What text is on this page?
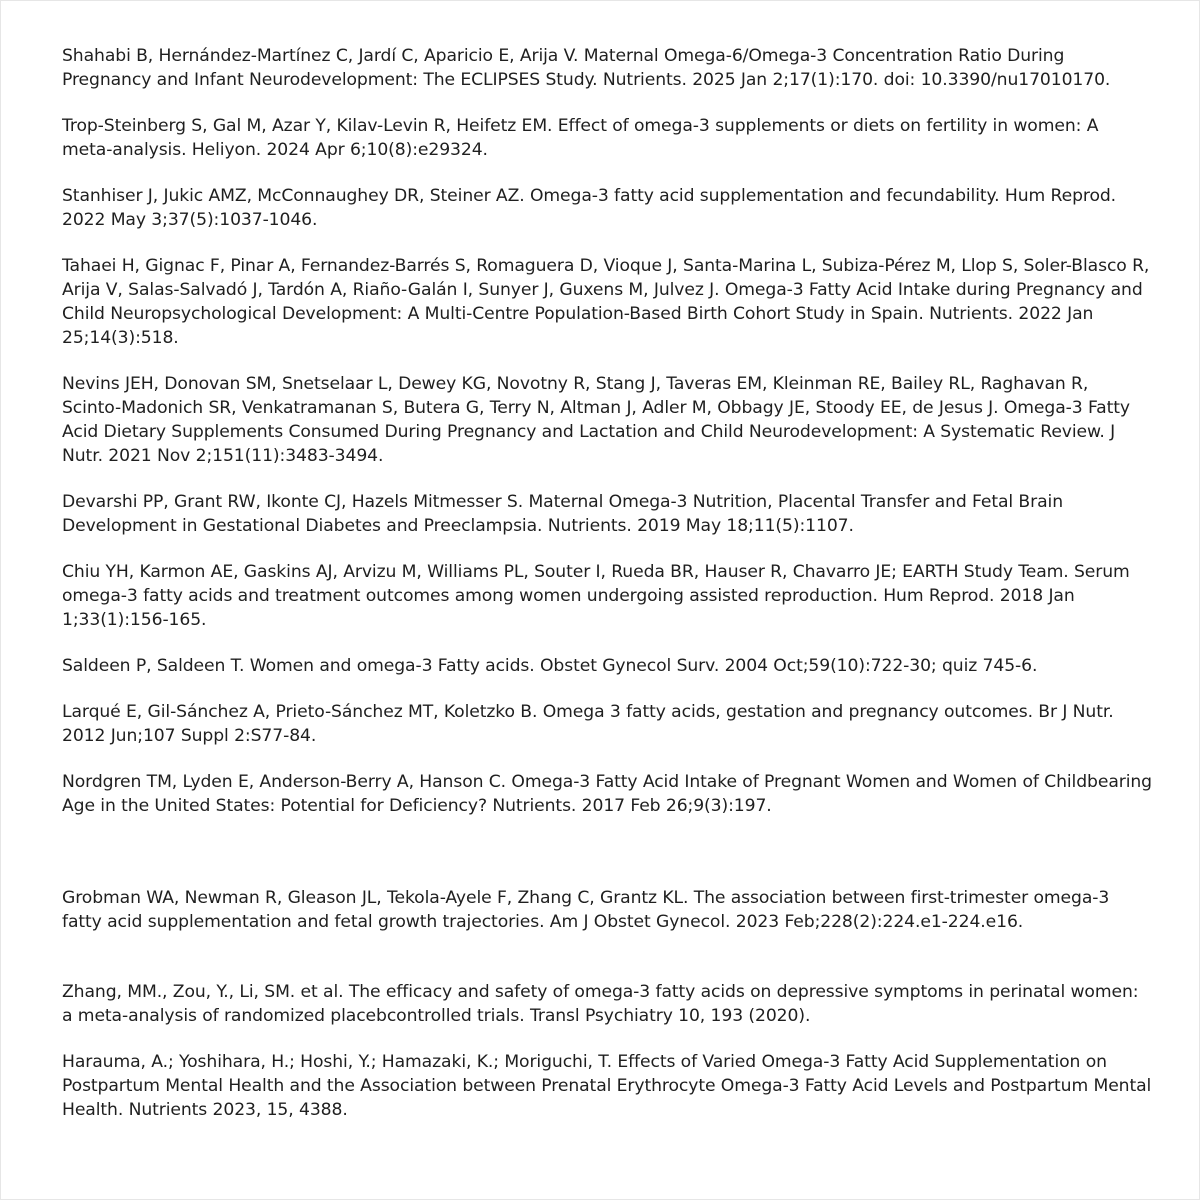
Shahabi B, Hernández-Martínez C, Jardí C, Aparicio E, Arija V. Maternal Omega-6/Omega-3 Concentration Ratio During Pregnancy and Infant Neurodevelopment: The ECLIPSES Study. Nutrients. 2025 Jan 2;17(1):170. doi: 10.3390/nu17010170.

Trop-Steinberg S, Gal M, Azar Y, Kilav-Levin R, Heifetz EM. Effect of omega-3 supplements or diets on fertility in women: A meta-analysis. Heliyon. 2024 Apr 6;10(8):e29324.

Stanhiser J, Jukic AMZ, McConnaughey DR, Steiner AZ. Omega-3 fatty acid supplementation and fecundability. Hum Reprod. 2022 May 3;37(5):1037-1046.

Tahaei H, Gignac F, Pinar A, Fernandez-Barrés S, Romaguera D, Vioque J, Santa-Marina L, Subiza-Pérez M, Llop S, Soler-Blasco R, Arija V, Salas-Salvadó J, Tardón A, Riaño-Galán I, Sunyer J, Guxens M, Julvez J. Omega-3 Fatty Acid Intake during Pregnancy and Child Neuropsychological Development: A Multi-Centre Population-Based Birth Cohort Study in Spain. Nutrients. 2022 Jan 25;14(3):518.

Nevins JEH, Donovan SM, Snetselaar L, Dewey KG, Novotny R, Stang J, Taveras EM, Kleinman RE, Bailey RL, Raghavan R, Scinto-Madonich SR, Venkatramanan S, Butera G, Terry N, Altman J, Adler M, Obbagy JE, Stoody EE, de Jesus J. Omega-3 Fatty Acid Dietary Supplements Consumed During Pregnancy and Lactation and Child Neurodevelopment: A Systematic Review. J Nutr. 2021 Nov 2;151(11):3483-3494.

Devarshi PP, Grant RW, Ikonte CJ, Hazels Mitmesser S. Maternal Omega-3 Nutrition, Placental Transfer and Fetal Brain Development in Gestational Diabetes and Preeclampsia. Nutrients. 2019 May 18;11(5):1107.

Chiu YH, Karmon AE, Gaskins AJ, Arvizu M, Williams PL, Souter I, Rueda BR, Hauser R, Chavarro JE; EARTH Study Team. Serum omega-3 fatty acids and treatment outcomes among women undergoing assisted reproduction. Hum Reprod. 2018 Jan 1;33(1):156-165.

Saldeen P, Saldeen T. Women and omega-3 Fatty acids. Obstet Gynecol Surv. 2004 Oct;59(10):722-30; quiz 745-6.

Larqué E, Gil-Sánchez A, Prieto-Sánchez MT, Koletzko B. Omega 3 fatty acids, gestation and pregnancy outcomes. Br J Nutr. 2012 Jun;107 Suppl 2:S77-84.

Nordgren TM, Lyden E, Anderson-Berry A, Hanson C. Omega-3 Fatty Acid Intake of Pregnant Women and Women of Childbearing Age in the United States: Potential for Deficiency? Nutrients. 2017 Feb 26;9(3):197.

Grobman WA, Newman R, Gleason JL, Tekola-Ayele F, Zhang C, Grantz KL. The association between first-trimester omega-3 fatty acid supplementation and fetal growth trajectories. Am J Obstet Gynecol. 2023 Feb;228(2):224.e1-224.e16.

Zhang, MM., Zou, Y., Li, SM. et al. The efficacy and safety of omega-3 fatty acids on depressive symptoms in perinatal women: a meta-analysis of randomized placebcontrolled trials. Transl Psychiatry 10, 193 (2020).

Harauma, A.; Yoshihara, H.; Hoshi, Y.; Hamazaki, K.; Moriguchi, T. Effects of Varied Omega-3 Fatty Acid Supplementation on Postpartum Mental Health and the Association between Prenatal Erythrocyte Omega-3 Fatty Acid Levels and Postpartum Mental Health. Nutrients 2023, 15, 4388.
